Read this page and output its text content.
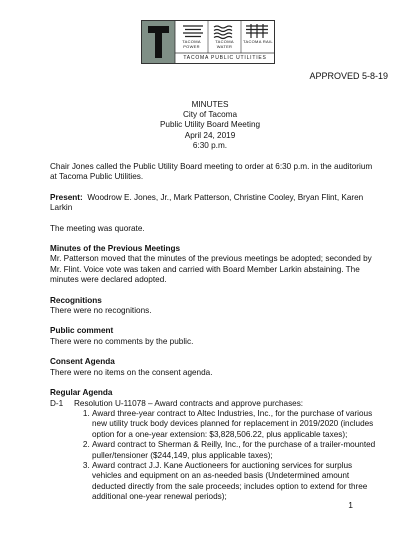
TACOMA POWER
TACOMA WATER
TACOMA RAIL
TACOMA PUBLIC UTILITIES
APPROVED 5-8-19
MINUTES
City of Tacoma
Public Utility Board Meeting
April 24, 2019
6:30 p.m.

Chair Jones called the Public Utility Board meeting to order at 6:30 p.m. in the auditorium at Tacoma Public Utilities.

Present: Woodrow E. Jones, Jr., Mark Patterson, Christine Cooley, Bryan Flint, Karen Larkin

The meeting was quorate.

Minutes of the Previous Meetings

Mr. Patterson moved that the minutes of the previous meetings be adopted; seconded by Mr. Flint. Voice vote was taken and carried with Board Member Larkin abstaining. The minutes were declared adopted.

Recognitions

There were no recognitions.

Public comment

There were no comments by the public.

Consent Agenda

There were no items on the consent agenda.

Regular Agenda

D-1	Resolution U-11078 – Award contracts and approve purchases:

1. Award three-year contract to Altec Industries, Inc., for the purchase of various new utility truck body devices planned for replacement in 2019/2020 (includes option for a one-year extension: $3,828,506.22, plus applicable taxes);
2. Award contract to Sherman & Reilly, Inc., for the purchase of a trailer-mounted puller/tensioner ($244,149, plus applicable taxes);
3. Award contract J.J. Kane Auctioneers for auctioning services for surplus vehicles and equipment on an as-needed basis (Undetermined amount deducted directly from the sale proceeds; includes option to extend for three additional one-year renewal periods);
1
